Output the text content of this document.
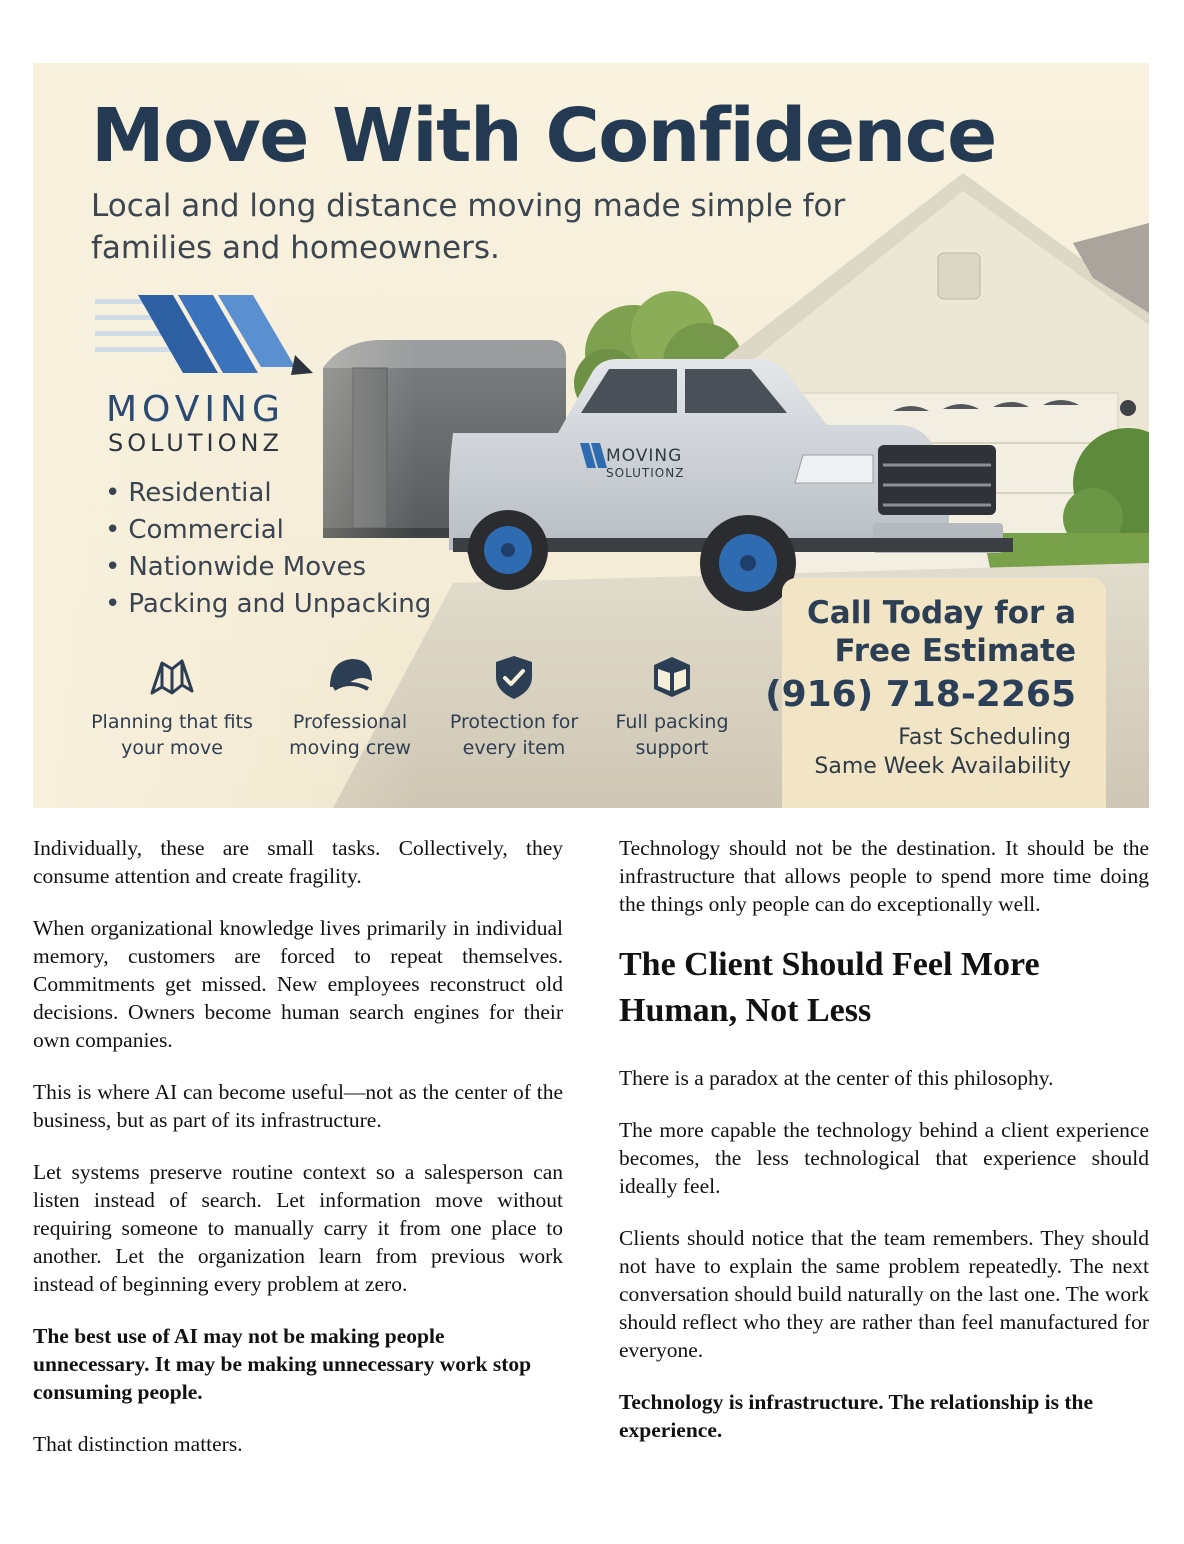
Move With Confidence

Local and long distance moving made simple for families and homeowners.

MOVING

SOLUTIONZ	MOVING
SOLUTIONZ
• Residential
• Commercial
• Nationwide Moves
• Packing and Unpacking
Planning that fits your move
Professional moving crew
Protection for every item
Full packing support

Call Today for a Free Estimate

(916) 718-2265

Fast Scheduling

Same Week Availability

Individually, these are small tasks. Collectively, they consume attention and create fragility.

When organizational knowledge lives primarily in individual memory, customers are forced to repeat themselves. Commitments get missed. New employees reconstruct old decisions. Owners become human search engines for their own companies.

This is where AI can become useful—not as the center of the business, but as part of its infrastructure.

Let systems preserve routine context so a salesperson can listen instead of search. Let information move without requiring someone to manually carry it from one place to another. Let the organization learn from previous work instead of beginning every problem at zero.

The best use of AI may not be making people unnecessary. It may be making unnecessary work stop consuming people.

That distinction matters.

Technology should not be the destination. It should be the infrastructure that allows people to spend more time doing the things only people can do exceptionally well.

The Client Should Feel More Human, Not Less

There is a paradox at the center of this philosophy.

The more capable the technology behind a client experience becomes, the less technological that experience should ideally feel.

Clients should notice that the team remembers. They should not have to explain the same problem repeatedly. The next conversation should build naturally on the last one. The work should reflect who they are rather than feel manufactured for everyone.

Technology is infrastructure. The relationship is the experience.
